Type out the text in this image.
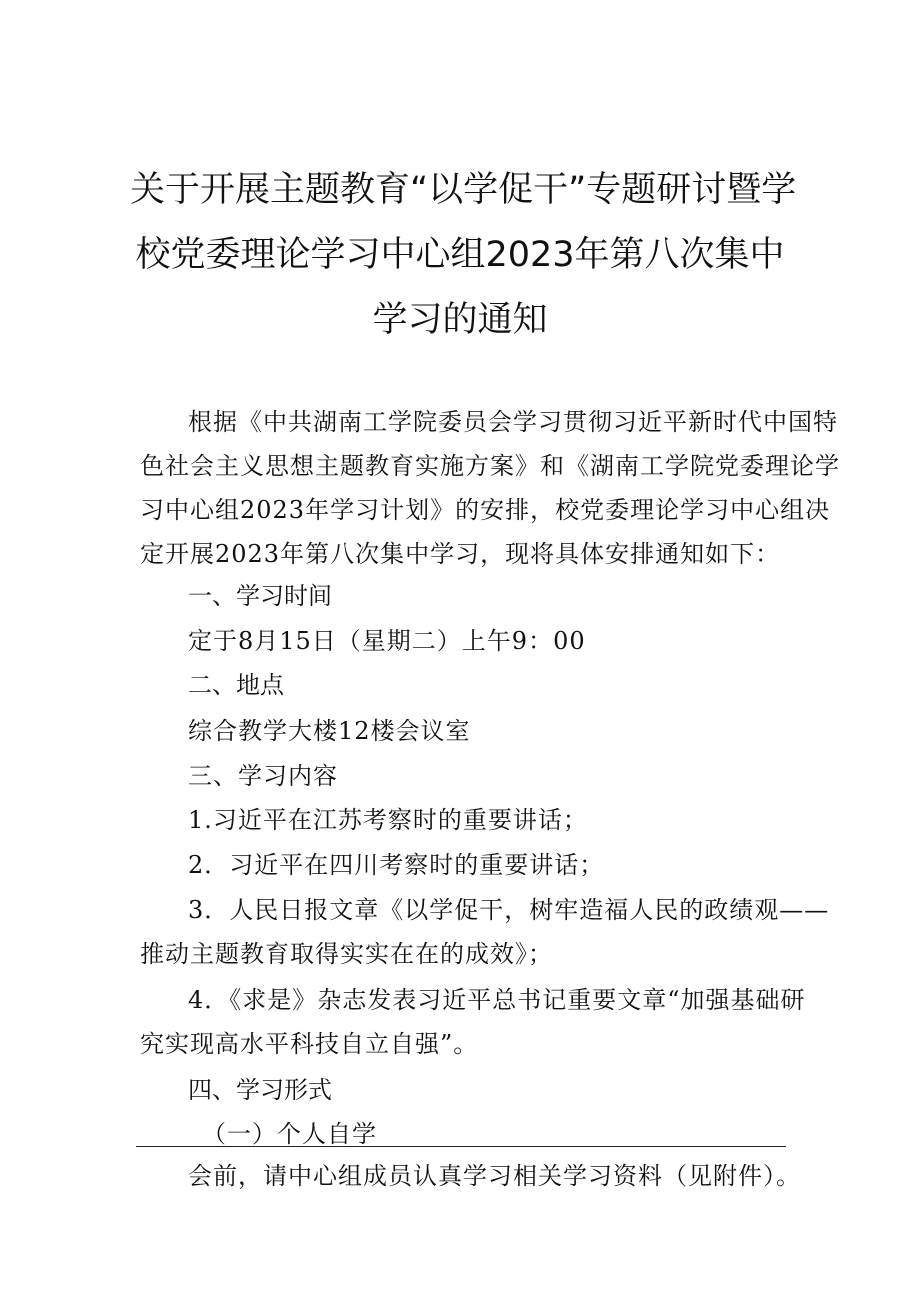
关于开展主题教育“以学促干”专题研讨暨学
校党委理论学习中心组2023年第八次集中
学习的通知
根据《中共湖南工学院委员会学习贯彻习近平新时代中国特
色社会主义思想主题教育实施方案》和《湖南工学院党委理论学
习中心组2023年学习计划》的安排，校党委理论学习中心组决
定开展2023年第八次集中学习，现将具体安排通知如下：
一、学习时间
定于8月15日（星期二）上午9：00
二、地点
综合教学大楼12楼会议室
三、学习内容
1.习近平在江苏考察时的重要讲话；
2．习近平在四川考察时的重要讲话；
3．人民日报文章《以学促干，树牢造福人民的政绩观——
推动主题教育取得实实在在的成效》；
4．《求是》杂志发表习近平总书记重要文章“加强基础研
究实现高水平科技自立自强”。
四、学习形式
（一）个人自学
会前，请中心组成员认真学习相关学习资料（见附件）。
